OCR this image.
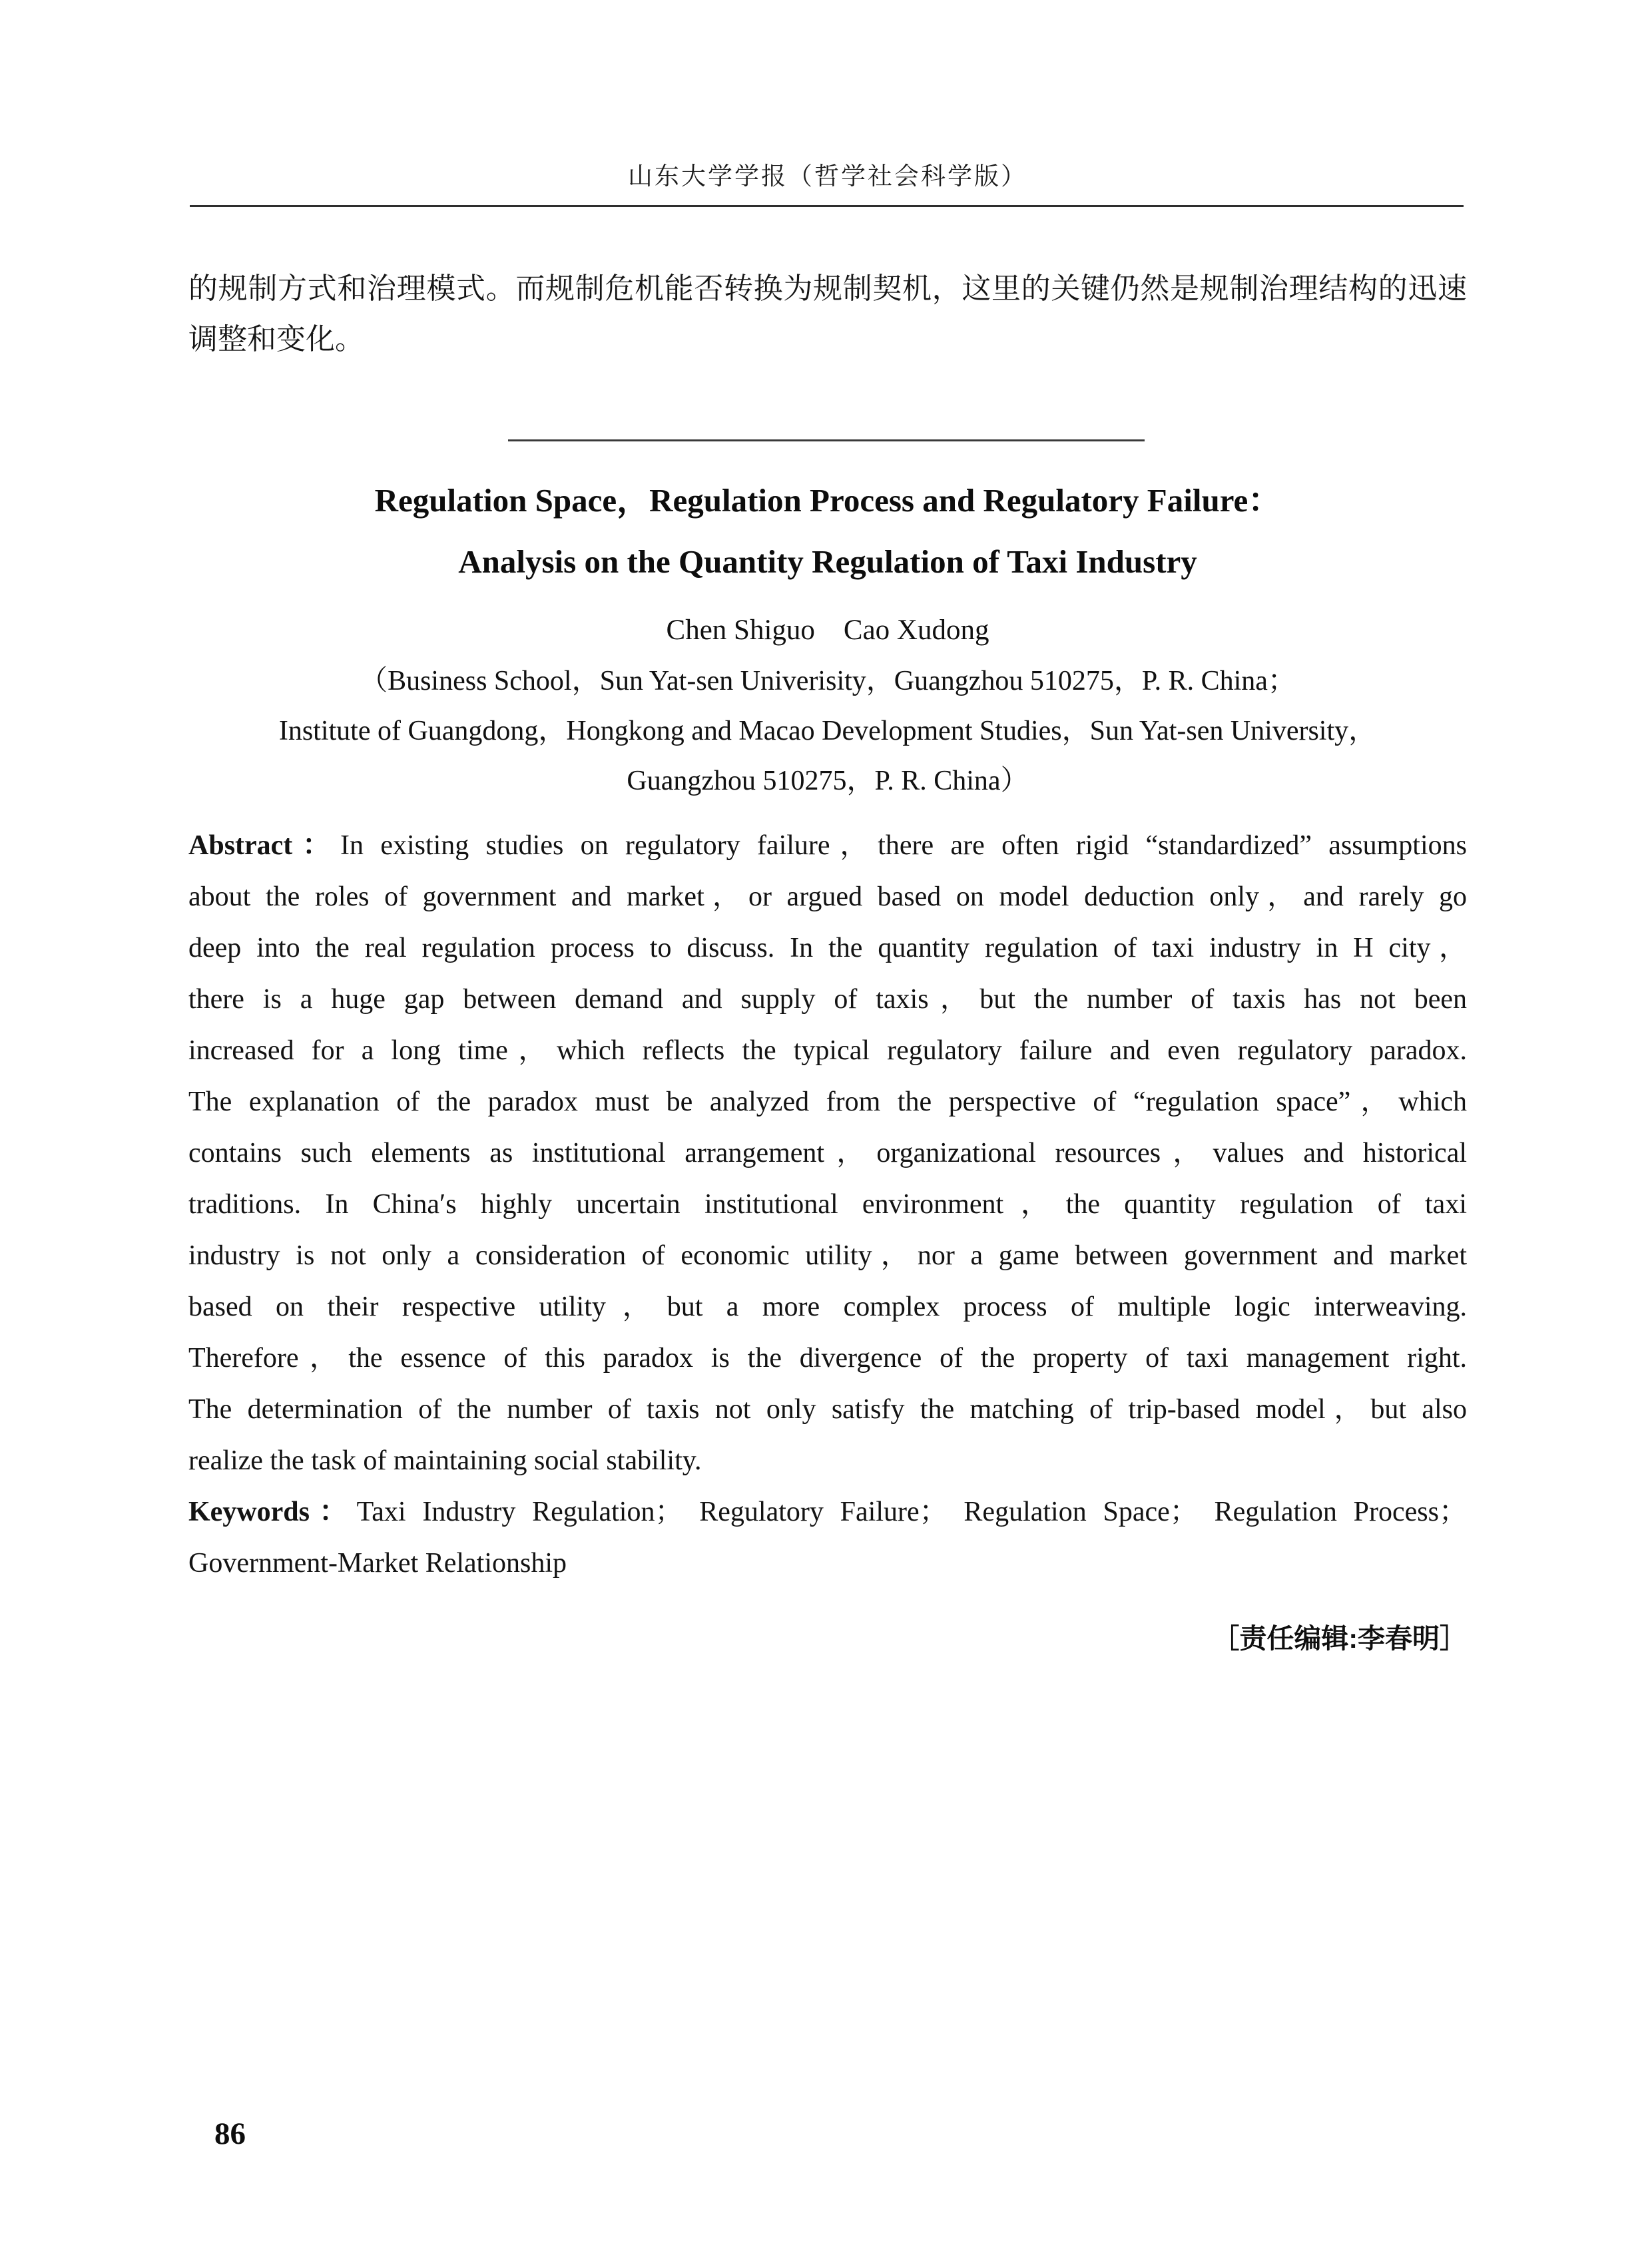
山东大学学报（哲学社会科学版）
的规制方式和治理模式。而规制危机能否转换为规制契机，这里的关键仍然是规制治理结构的迅速
调整和变化。
Regulation Space，Regulation Process and Regulatory Failure：
Analysis on the Quantity Regulation of Taxi Industry
Chen Shiguo　Cao Xudong
（Business School，Sun Yat-sen Univerisity，Guangzhou 510275，P. R. China；
Institute of Guangdong，Hongkong and Macao Development Studies，Sun Yat-sen University，
Guangzhou 510275，P. R. China）
Abstract：In existing studies on regulatory failure，there are often rigid “standardized” assumptions
about the roles of government and market，or argued based on model deduction only，and rarely go
deep into the real regulation process to discuss. In the quantity regulation of taxi industry in H city，
there is a huge gap between demand and supply of taxis，but the number of taxis has not been
increased for a long time，which reflects the typical regulatory failure and even regulatory paradox.
The explanation of the paradox must be analyzed from the perspective of “regulation space”，which
contains such elements as institutional arrangement，organizational resources，values and historical
traditions. In China′s highly uncertain institutional environment，the quantity regulation of taxi
industry is not only a consideration of economic utility，nor a game between government and market
based on their respective utility，but a more complex process of multiple logic interweaving.
Therefore，the essence of this paradox is the divergence of the property of taxi management right.
The determination of the number of taxis not only satisfy the matching of trip-based model，but also
realize the task of maintaining social stability.
Keywords：Taxi Industry Regulation； Regulatory Failure； Regulation Space； Regulation Process；
Government-Market Relationship
［责任编辑:李春明］
86
